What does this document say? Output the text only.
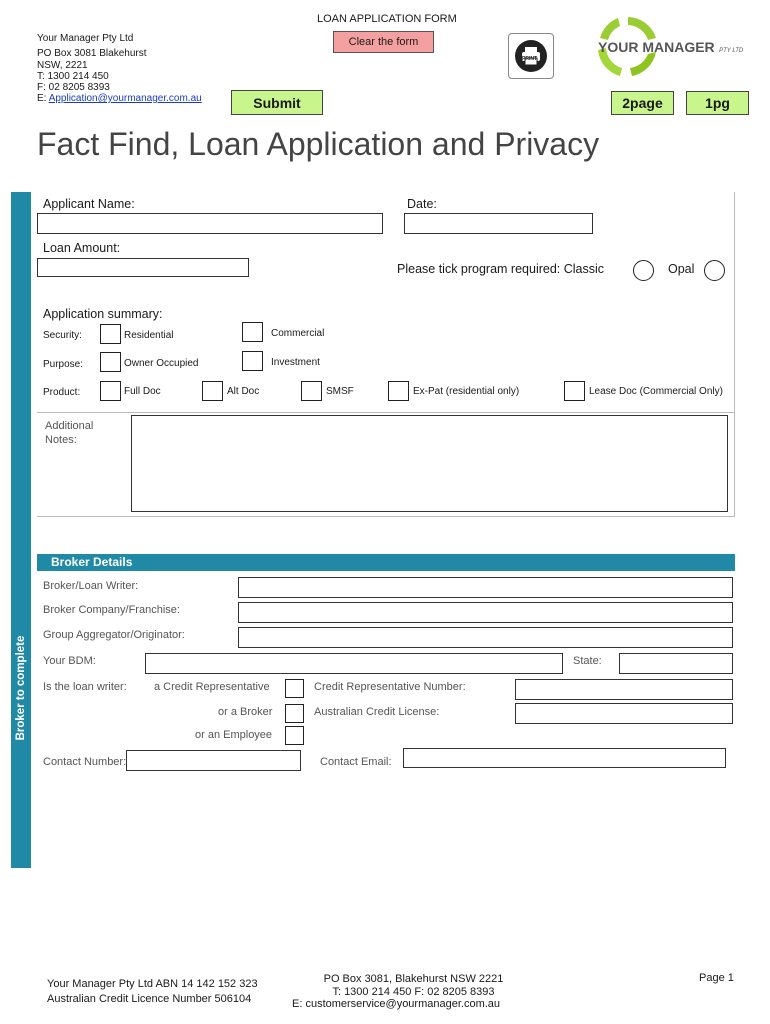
LOAN APPLICATION FORM
Clear the form
Your Manager Pty Ltd
PO Box 3081 Blakehurst
NSW, 2221
T: 1300 214 450
F: 02 8205 8393
E: Application@yourmanager.com.au	Submit
PRINT
YOUR MANAGER PTY LTD
2page	1pg
Fact Find, Loan Application and Privacy
Broker to complete
Applicant Name:	Date:
Loan Amount:
Please tick program required: Classic	Opal
Application summary:
Security:	Residential	Commercial
Purpose:	Owner Occupied	Investment
Product:	Full Doc	Alt Doc	SMSF	Ex-Pat (residential only)	Lease Doc (Commercial Only)
Additional
Notes:
Broker Details
Broker/Loan Writer:
Broker Company/Franchise:
Group Aggregator/Originator:
Your BDM:	State:
Is the loan writer: a Credit Representative	Credit Representative Number:
or a Broker	Australian Credit License:
or an Employee
Contact Number:	Contact Email:
Your Manager Pty Ltd ABN 14 142 152 323
Australian Credit Licence Number 506104
PO Box 3081, Blakehurst NSW 2221
T: 1300 214 450 F: 02 8205 8393
E: customerservice@yourmanager.com.au
Page 1
